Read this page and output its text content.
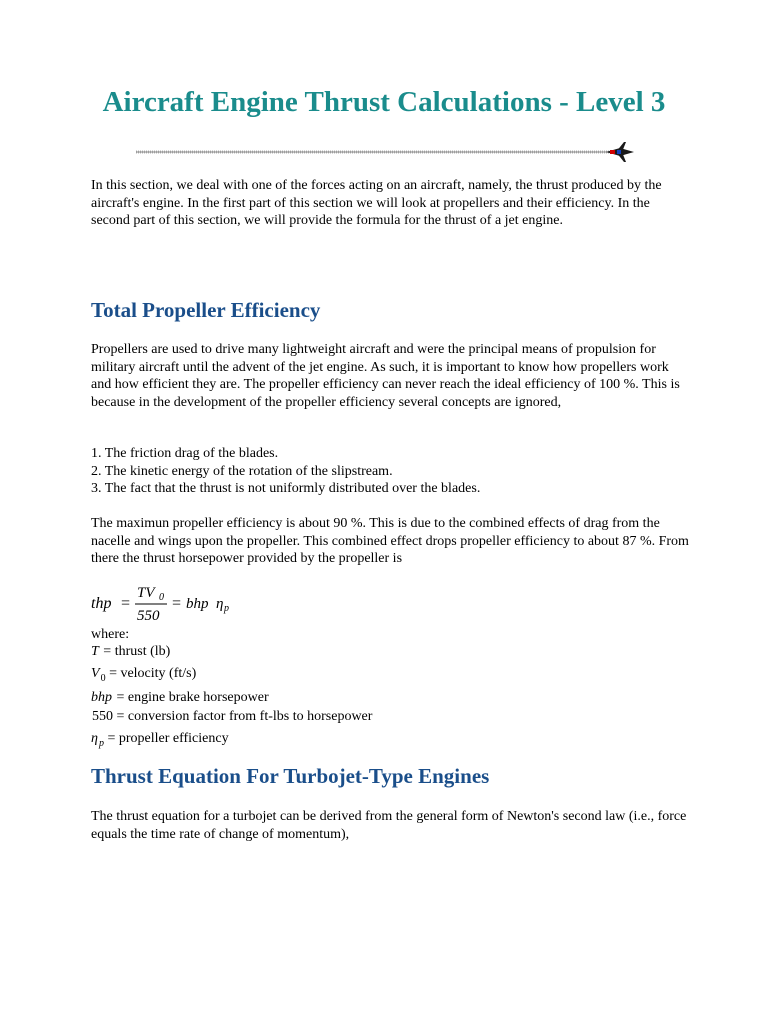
Aircraft Engine Thrust Calculations - Level 3

In this section, we deal with one of the forces acting on an aircraft, namely, the thrust produced by the aircraft's engine. In the first part of this section we will look at propellers and their efficiency. In the second part of this section, we will provide the formula for the thrust of a jet engine.

Total Propeller Efficiency

Propellers are used to drive many lightweight aircraft and were the principal means of propulsion for military aircraft until the advent of the jet engine. As such, it is important to know how propellers work and how efficient they are. The propeller efficiency can never reach the ideal efficiency of 100 %. This is because in the development of the propeller efficiency several concepts are ignored,

1. The friction drag of the blades.
2. The kinetic energy of the rotation of the slipstream.
3. The fact that the thrust is not uniformly distributed over the blades.

The maximun propeller efficiency is about 90 %. This is due to the combined effects of drag from the nacelle and wings upon the propeller. This combined effect drops propeller efficiency to about 87 %. From there the thrust horsepower provided by the propeller is

thp =
TV 0
550
= bhp η p
where:
T = thrust (lb)
$V_0$ = velocity (ft/s)
bhp = engine brake horsepower
550 = conversion factor from ft-lbs to horsepower
$\eta_p$ = propeller efficiency
Thrust Equation For Turbojet-Type Engines

The thrust equation for a turbojet can be derived from the general form of Newton's second law (i.e., force equals the time rate of change of momentum),
